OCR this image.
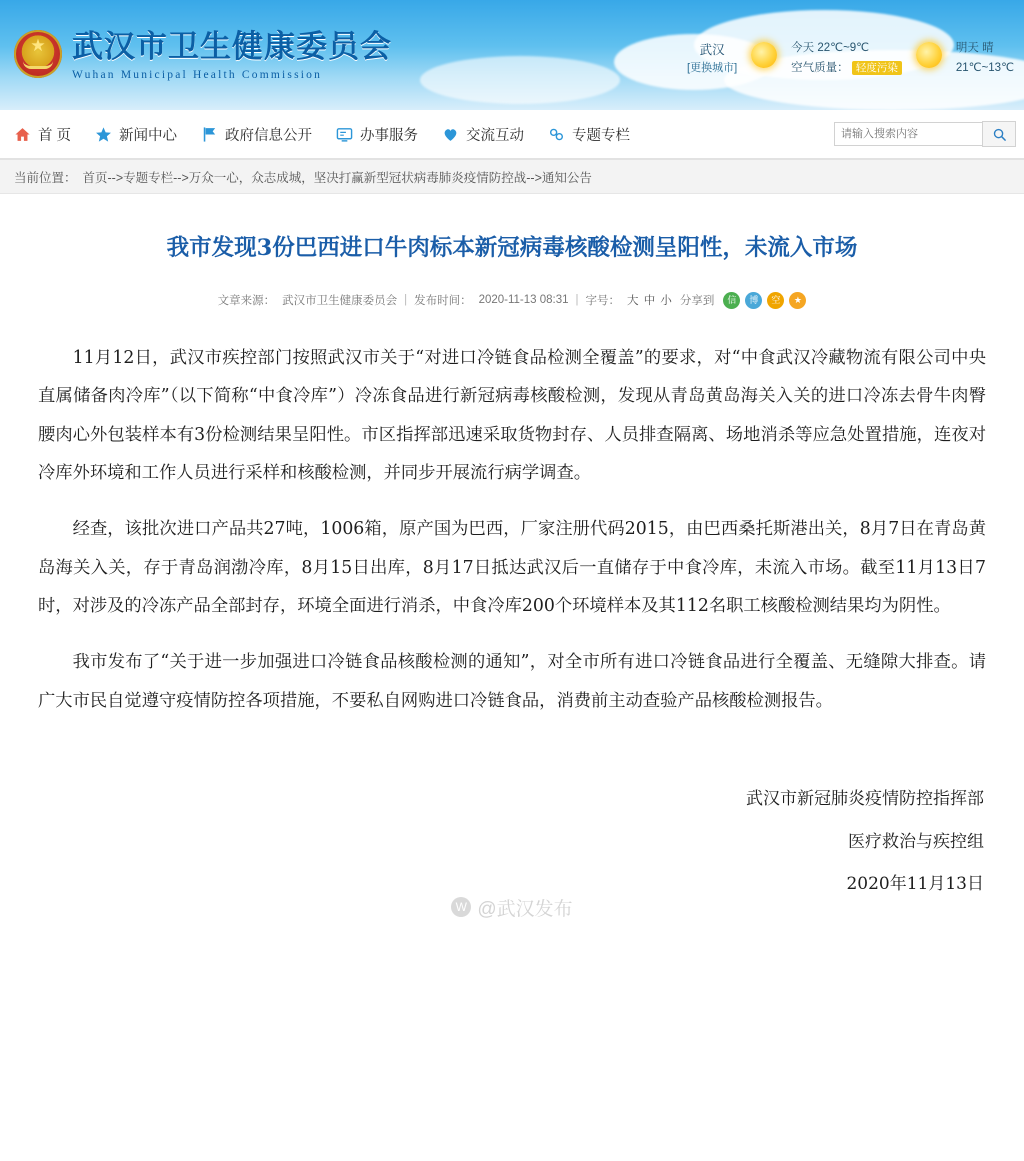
★
武汉市卫生健康委员会
Wuhan Municipal Health Commission
武汉
[更换城市]
今天 22℃~9℃
空气质量： 轻度污染
明天 晴
21℃~13℃
首 页	新闻中心	政府信息公开	办事服务	交流互动	专题专栏
请输入搜索内容
当前位置： 首页-->专题专栏-->万众一心，众志成城，坚决打赢新型冠状病毒肺炎疫情防控战-->通知公告
我市发现3份巴西进口牛肉标本新冠病毒核酸检测呈阳性，未流入市场
文章来源： 武汉市卫生健康委员会 | 发布时间： 2020-11-13 08:31 | 字号： 大 中 小 分享到	信	博	空	★

11月12日，武汉市疾控部门按照武汉市关于“对进口冷链食品检测全覆盖”的要求，对“中食武汉冷藏物流有限公司中央直属储备肉冷库”（以下简称“中食冷库”）冷冻食品进行新冠病毒核酸检测，发现从青岛黄岛海关入关的进口冷冻去骨牛肉臀腰肉心外包装样本有3份检测结果呈阳性。市区指挥部迅速采取货物封存、人员排查隔离、场地消杀等应急处置措施，连夜对冷库外环境和工作人员进行采样和核酸检测，并同步开展流行病学调查。

经查，该批次进口产品共27吨，1006箱，原产国为巴西，厂家注册代码2015，由巴西桑托斯港出关，8月7日在青岛黄岛海关入关，存于青岛润渤冷库，8月15日出库，8月17日抵达武汉后一直储存于中食冷库，未流入市场。截至11月13日7时，对涉及的冷冻产品全部封存，环境全面进行消杀，中食冷库200个环境样本及其112名职工核酸检测结果均为阴性。

我市发布了“关于进一步加强进口冷链食品核酸检测的通知”，对全市所有进口冷链食品进行全覆盖、无缝隙大排查。请广大市民自觉遵守疫情防控各项措施，不要私自网购进口冷链食品，消费前主动查验产品核酸检测报告。

武汉市新冠肺炎疫情防控指挥部
医疗救治与疾控组
2020年11月13日
W @武汉发布
